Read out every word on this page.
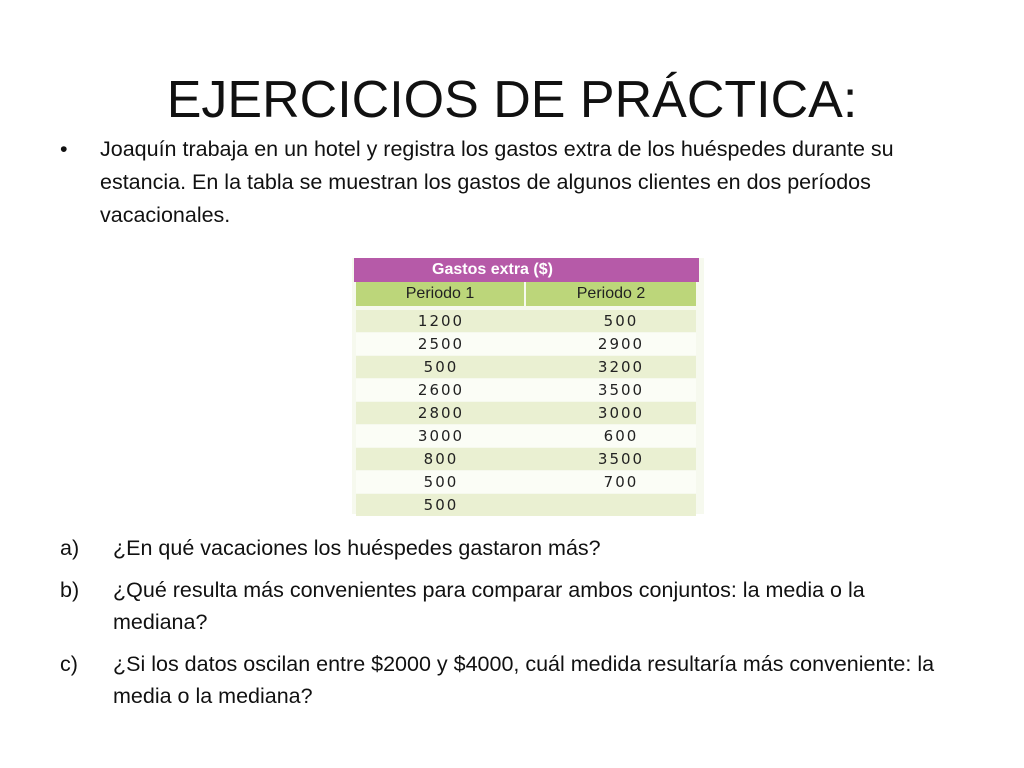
EJERCICIOS DE PRÁCTICA:
•	Joaquín trabaja en un hotel y registra los gastos extra de los huéspedes durante su estancia. En la tabla se muestran los gastos de algunos clientes en dos períodos vacacionales.
Gastos extra ($)
Periodo 1	Periodo 2
1200	500
2500	2900
500	3200
2600	3500
2800	3000
3000	600
800	3500
500	700
500
a)	¿En qué vacaciones los huéspedes gastaron más?
b)	¿Qué resulta más convenientes para comparar ambos conjuntos: la media o la mediana?
c)	¿Si los datos oscilan entre $2000 y $4000, cuál medida resultaría más conveniente: la media o la mediana?
